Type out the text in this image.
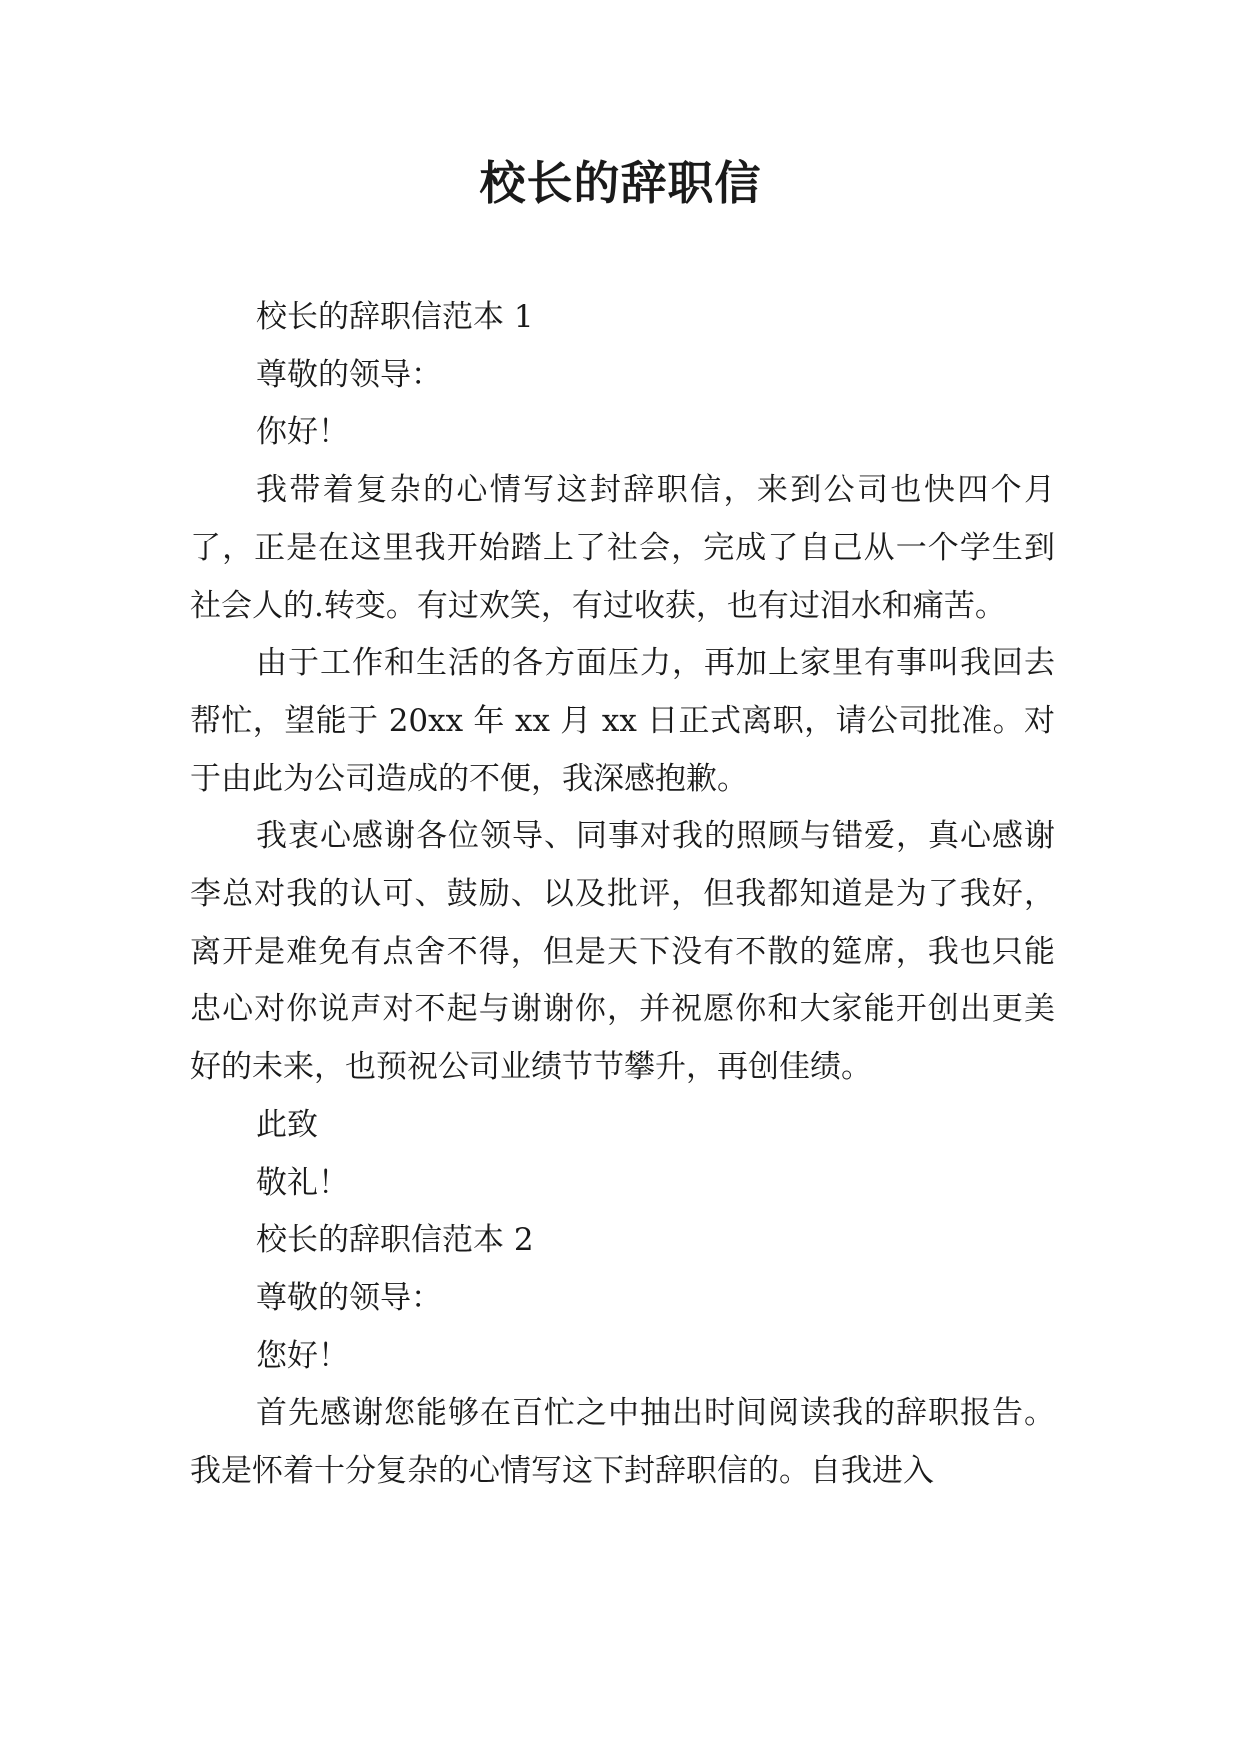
校长的辞职信

校长的辞职信范本 1

尊敬的领导：

你好！

我带着复杂的心情写这封辞职信，来到公司也快四个月了，正是在这里我开始踏上了社会，完成了自己从一个学生到社会人的.转变。有过欢笑，有过收获，也有过泪水和痛苦。

由于工作和生活的各方面压力，再加上家里有事叫我回去帮忙，望能于 20xx 年 xx 月 xx 日正式离职，请公司批准。对于由此为公司造成的不便，我深感抱歉。

我衷心感谢各位领导、同事对我的照顾与错爱，真心感谢李总对我的认可、鼓励、以及批评，但我都知道是为了我好，离开是难免有点舍不得，但是天下没有不散的筵席，我也只能忠心对你说声对不起与谢谢你，并祝愿你和大家能开创出更美好的未来，也预祝公司业绩节节攀升，再创佳绩。

此致

敬礼！

校长的辞职信范本 2

尊敬的领导：

您好！

首先感谢您能够在百忙之中抽出时间阅读我的辞职报告。我是怀着十分复杂的心情写这下封辞职信的。自我进入
